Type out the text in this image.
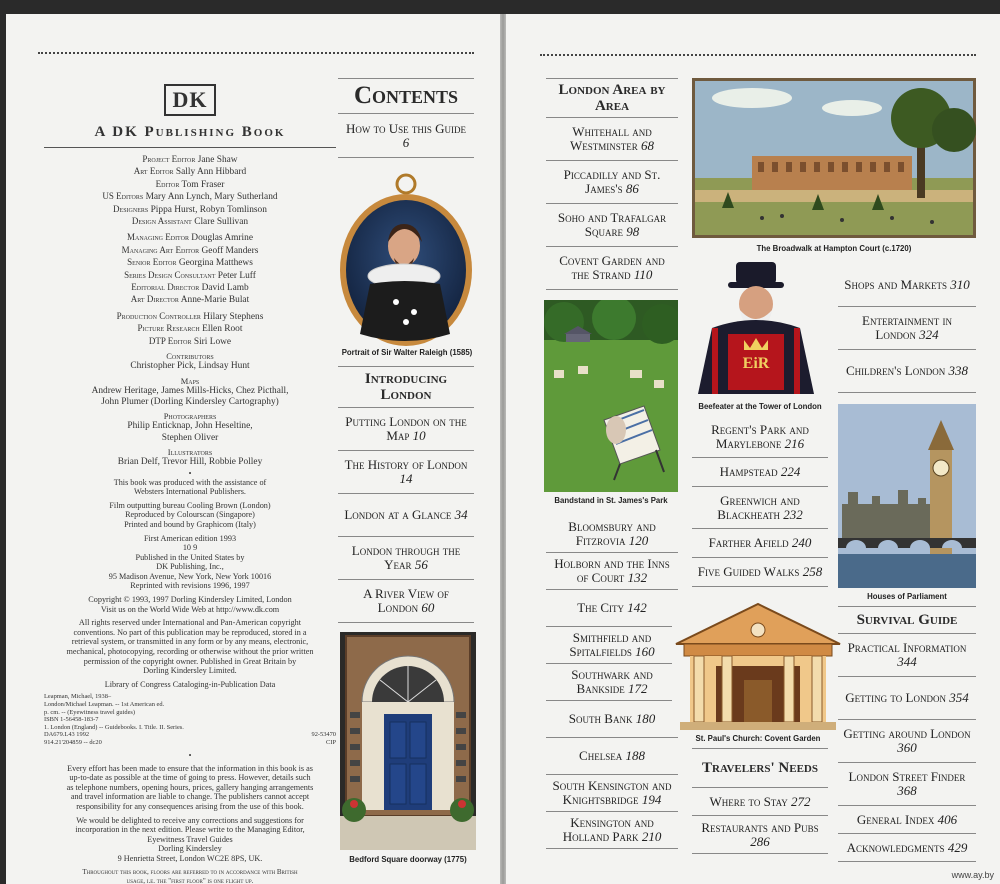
DK
A DK Publishing Book
Project Editor Jane Shaw
Art Editor Sally Ann Hibbard
Editor Tom Fraser
US Editors Mary Ann Lynch, Mary Sutherland
Designers Pippa Hurst, Robyn Tomlinson
Design Assistant Clare Sullivan
Managing Editor Douglas Amrine
Managing Art Editor Geoff Manders
Senior Editor Georgina Matthews
Series Design Consultant Peter Luff
Editorial Director David Lamb
Art Director Anne-Marie Bulat
Production Controller Hilary Stephens
Picture Research Ellen Root
DTP Editor Siri Lowe
Contributors
Christopher Pick, Lindsay Hunt
Maps
Andrew Heritage, James Mills-Hicks, Chez Picthall,
John Plumer (Dorling Kindersley Cartography)
Photographers
Philip Enticknap, John Heseltine,
Stephen Oliver
Illustrators
Brian Delf, Trevor Hill, Robbie Polley
•
This book was produced with the assistance of
Websters International Publishers.
Film outputting bureau Cooling Brown (London)
Reproduced by Colourscan (Singapore)
Printed and bound by Graphicom (Italy)
First American edition 1993
10 9
Published in the United States by
DK Publishing, Inc.,
95 Madison Avenue, New York, New York 10016
Reprinted with revisions 1996, 1997
Copyright © 1993, 1997 Dorling Kindersley Limited, London
Visit us on the World Wide Web at http://www.dk.com
All rights reserved under International and Pan-American copyright
conventions. No part of this publication may be reproduced, stored in a
retrieval system, or transmitted in any form or by any means, electronic,
mechanical, photocopying, recording or otherwise without the prior written
permission of the copyright owner. Published in Great Britain by
Dorling Kindersley Limited.
Library of Congress Cataloging-in-Publication Data
Leapman, Michael, 1938–
London/Michael Leapman. -- 1st American ed.
p. cm. -- (Eyewitness travel guides)
ISBN 1-56458-183-7
1. London (England) -- Guidebooks. I. Title. II. Series.
DA679.L43 1992	92-53470
914.21'204859 -- dc20	CIP
•
Every effort has been made to ensure that the information in this book is as
up-to-date as possible at the time of going to press. However, details such
as telephone numbers, opening hours, prices, gallery hanging arrangements
and travel information are liable to change. The publishers cannot accept
responsibility for any consequences arising from the use of this book.
We would be delighted to receive any corrections and suggestions for
incorporation in the next edition. Please write to the Managing Editor,
Eyewitness Travel Guides
Dorling Kindersley
9 Henrietta Street, London WC2E 8PS, UK.
Throughout this book, floors are referred to in accordance with British
usage, i.e. the "first floor" is one flight up.
Contents
How to Use this Guide 6
Portrait of Sir Walter Raleigh (1585)
Introducing London
Putting London on the Map 10
The History of London 14
London at a Glance 34
London through the Year 56
A River View of London 60
Bedford Square doorway (1775)
London Area by Area
Whitehall and Westminster 68
Piccadilly and St. James's 86
Soho and Trafalgar Square 98
Covent Garden and the Strand 110
Bandstand in St. James's Park
Bloomsbury and Fitzrovia 120
Holborn and the Inns of Court 132
The City 142
Smithfield and Spitalfields 160
Southwark and Bankside 172
South Bank 180
Chelsea 188
South Kensington and Knightsbridge 194
Kensington and Holland Park 210
The Broadwalk at Hampton Court (c.1720)
EiR
Beefeater at the Tower of London
Regent's Park and Marylebone 216
Hampstead 224
Greenwich and Blackheath 232
Farther Afield 240
Five Guided Walks 258
St. Paul's Church: Covent Garden
Travelers' Needs
Where to Stay 272
Restaurants and Pubs 286
Shops and Markets 310
Entertainment in London 324
Children's London 338
Houses of Parliament
Survival Guide
Practical Information 344
Getting to London 354
Getting around London 360
London Street Finder 368
General Index 406
Acknowledgments 429
www.ay.by
